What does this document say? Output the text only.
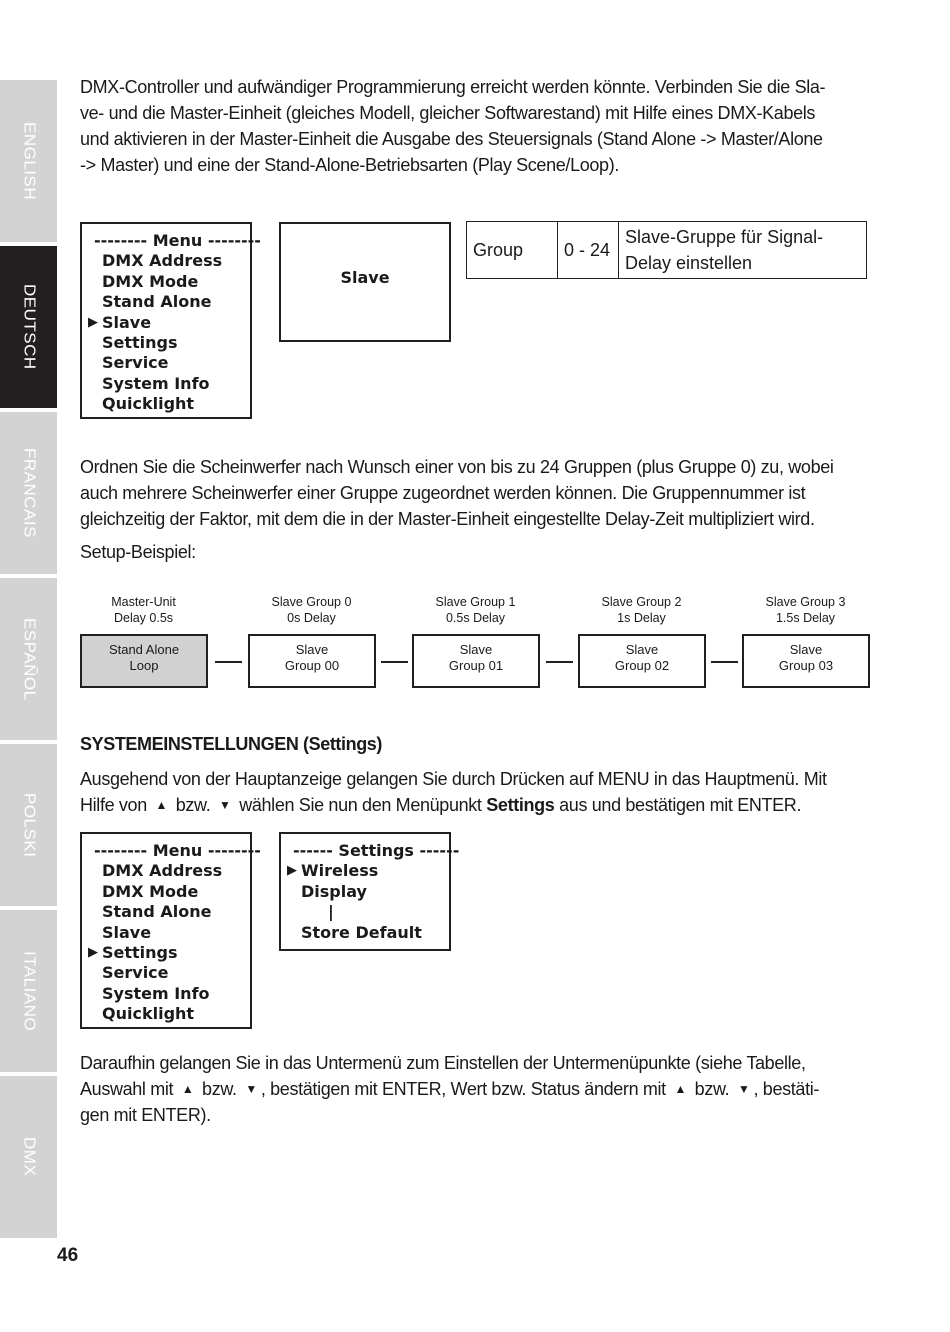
ENGLISH
DEUTSCH
FRANCAIS
ESPAÑOL
POLSKI
ITALIANO
DMX

DMX-Controller und aufwändiger Programmierung erreicht werden könnte. Verbinden Sie die Sla-
ve- und die Master-Einheit (gleiches Modell, gleicher Softwarestand) mit Hilfe eines DMX-Kabels
und aktivieren in der Master-Einheit die Ausgabe des Steuersignals (Stand Alone -> Master/Alone
-> Master) und eine der Stand-Alone-Betriebsarten (Play Scene/Loop).

-------- Menu --------
DMX Address
DMX Mode
Stand Alone
▶ Slave
Settings
Service
System Info
Quicklight
Slave
Group	0 - 24	Slave-Gruppe für Signal-
Delay einstellen

Ordnen Sie die Scheinwerfer nach Wunsch einer von bis zu 24 Gruppen (plus Gruppe 0) zu, wobei
auch mehrere Scheinwerfer einer Gruppe zugeordnet werden können. Die Gruppennummer ist
gleichzeitig der Faktor, mit dem die in der Master-Einheit eingestellte Delay-Zeit multipliziert wird.

Setup-Beispiel:

Master-Unit
Delay 0.5s
Slave Group 0
0s Delay
Slave Group 1
0.5s Delay
Slave Group 2
1s Delay
Slave Group 3
1.5s Delay
Stand Alone
Loop
Slave
Group 00
Slave
Group 01
Slave
Group 02
Slave
Group 03
SYSTEMEINSTELLUNGEN (Settings)

Ausgehend von der Hauptanzeige gelangen Sie durch Drücken auf MENU in das Hauptmenü. Mit
Hilfe von ▲ bzw. ▼ wählen Sie nun den Menüpunkt Settings aus und bestätigen mit ENTER.

-------- Menu --------
DMX Address
DMX Mode
Stand Alone
Slave
▶ Settings
Service
System Info
Quicklight
------ Settings ------
▶ Wireless
Display
|
Store Default

Daraufhin gelangen Sie in das Untermenü zum Einstellen der Untermenüpunkte (siehe Tabelle,
Auswahl mit ▲ bzw. ▼ , bestätigen mit ENTER, Wert bzw. Status ändern mit ▲ bzw. ▼ , bestäti-
gen mit ENTER).

46
